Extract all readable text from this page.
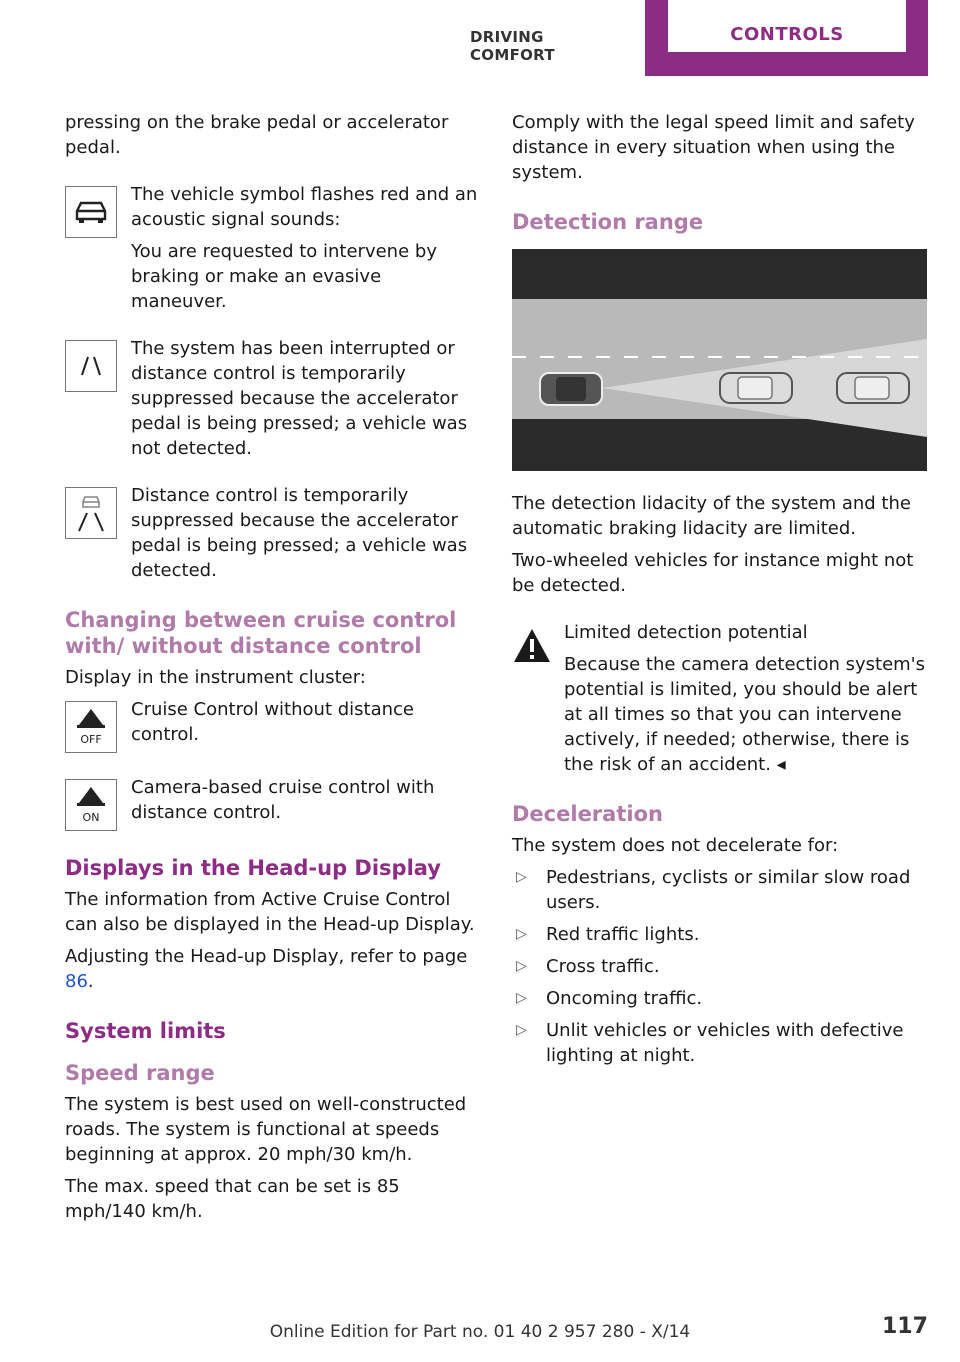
DRIVING COMFORT
CONTROLS

pressing on the brake pedal or accelerator pedal.

The vehicle symbol flashes red and an acoustic signal sounds:

You are requested to intervene by braking or make an evasive maneuver.

The system has been interrupted or distance control is temporarily suppressed because the accelerator pedal is being pressed; a vehicle was not detected.

Distance control is temporarily suppressed because the accelerator pedal is being pressed; a vehicle was detected.

Changing between cruise control with/ without distance control

Display in the instrument cluster:

OFF

Cruise Control without distance control.

ON

Camera-based cruise control with distance control.

Displays in the Head-up Display

The information from Active Cruise Control can also be displayed in the Head-up Display.

Adjusting the Head-up Display, refer to page 86.

System limits
Speed range

The system is best used on well-constructed roads. The system is functional at speeds beginning at approx. 20 mph/30 km/h.

The max. speed that can be set is 85 mph/140 km/h.

Comply with the legal speed limit and safety distance in every situation when using the system.

Detection range

The detection lidacity of the system and the automatic braking lidacity are limited.

Two-wheeled vehicles for instance might not be detected.

Limited detection potential

Because the camera detection system's potential is limited, you should be alert at all times so that you can intervene actively, if needed; otherwise, there is the risk of an accident. ◂

Deceleration

The system does not decelerate for:

▷ Pedestrians, cyclists or similar slow road users.
▷ Red traffic lights.
▷ Cross traffic.
▷ Oncoming traffic.
▷ Unlit vehicles or vehicles with defective lighting at night.
Online Edition for Part no. 01 40 2 957 280 - X/14	117
